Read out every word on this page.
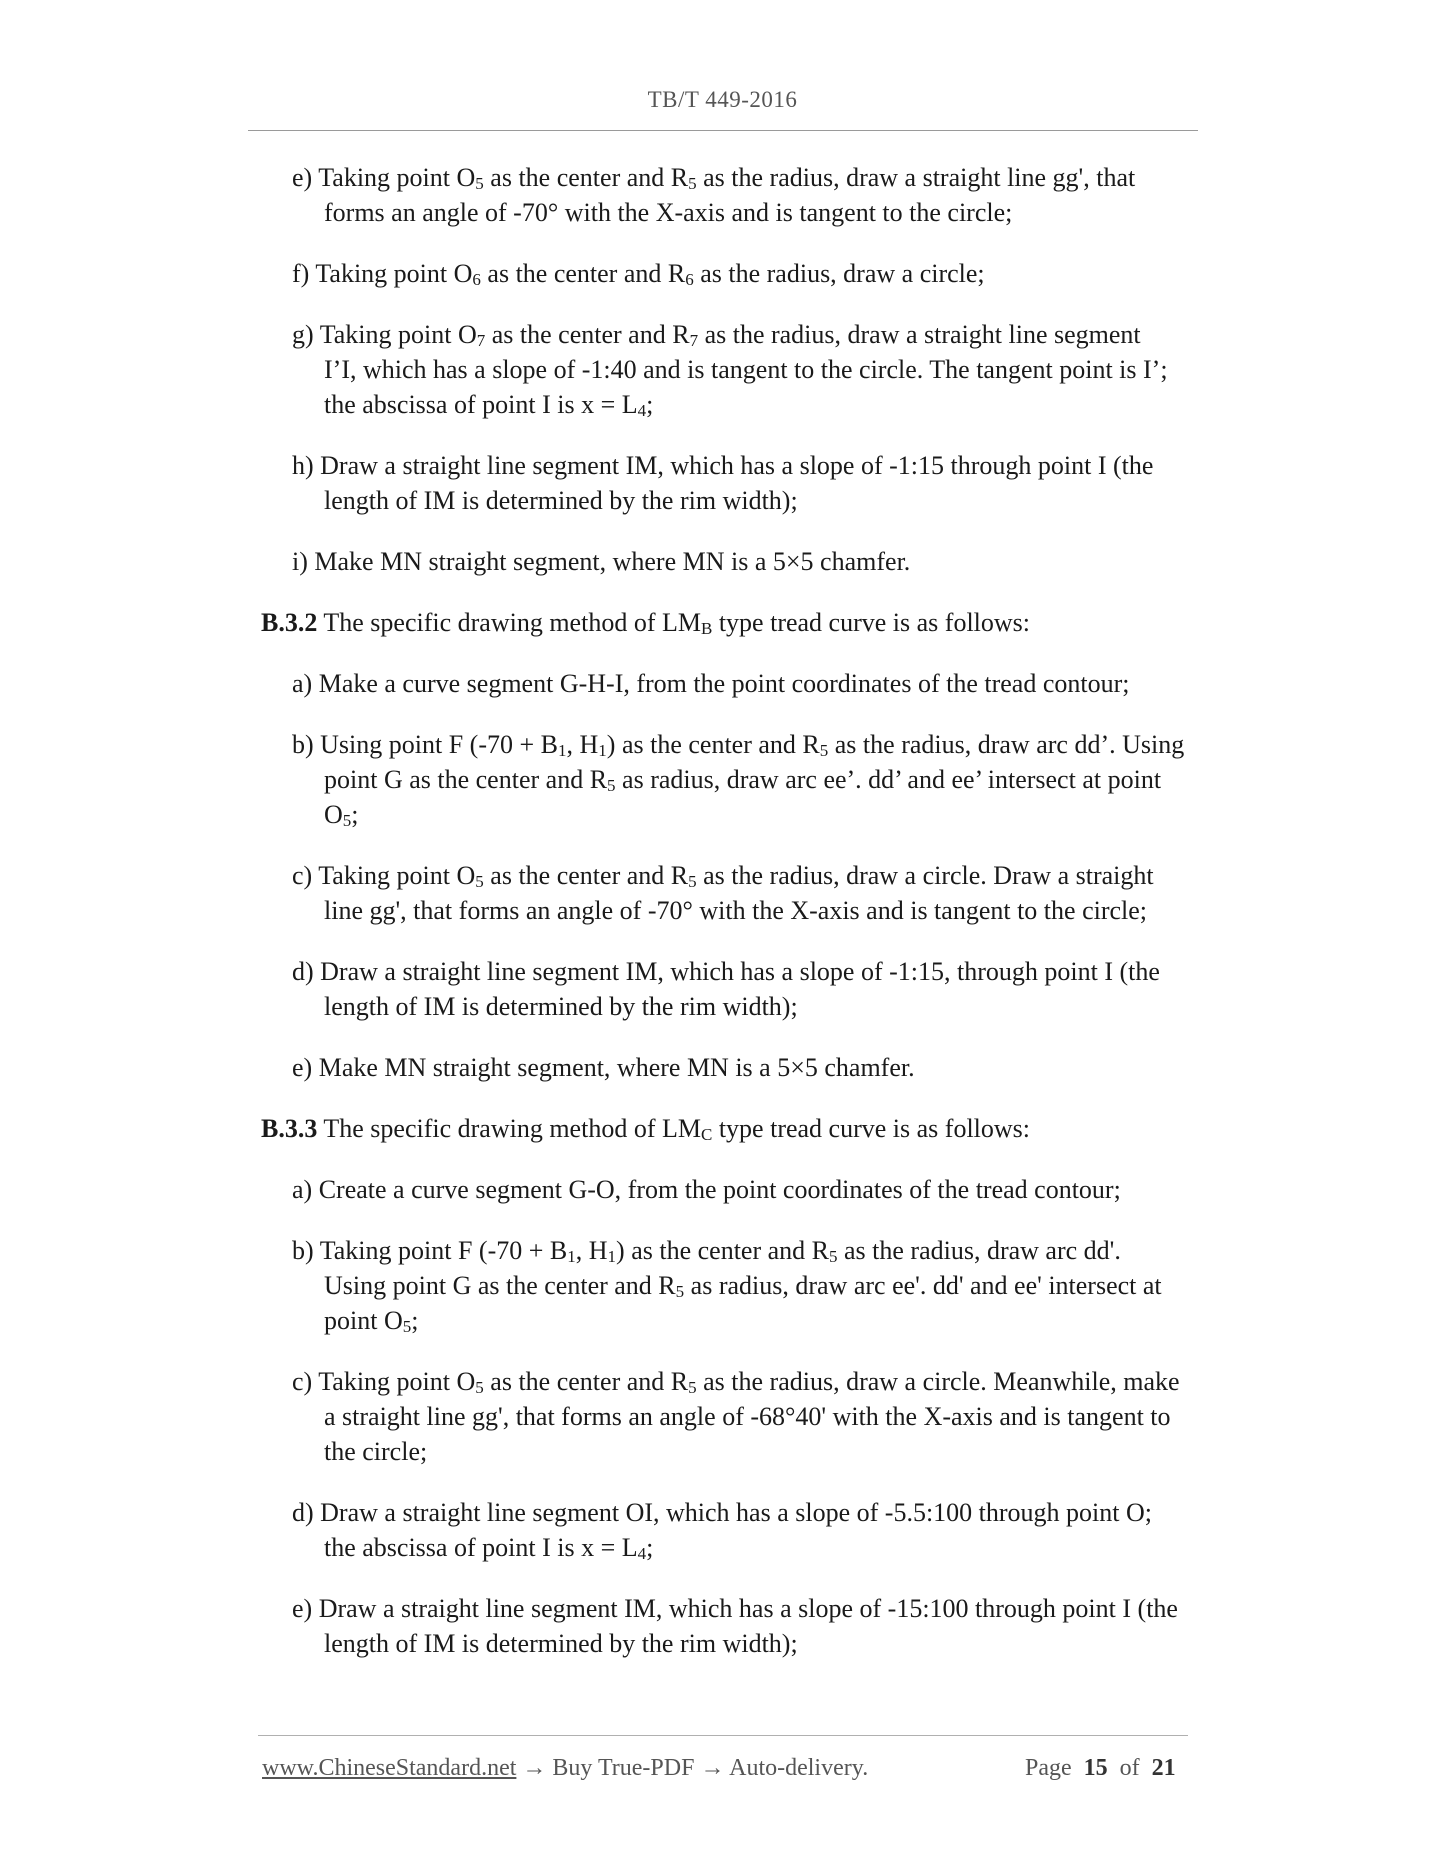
TB/T 449-2016
e) Taking point $O_5$ as the center and $R_5$ as the radius, draw a straight line gg', that
forms an angle of -70° with the X-axis and is tangent to the circle;
f) Taking point $O_6$ as the center and $R_6$ as the radius, draw a circle;
g) Taking point $O_7$ as the center and $R_7$ as the radius, draw a straight line segment
I’I, which has a slope of -1:40 and is tangent to the circle. The tangent point is I’;
the abscissa of point I is $x = L_4$;
h) Draw a straight line segment IM, which has a slope of -1:15 through point I (the
length of IM is determined by the rim width);
i) Make MN straight segment, where MN is a 5×5 chamfer.
B.3.2 The specific drawing method of $LM_B$ type tread curve is as follows:
a) Make a curve segment G-H-I, from the point coordinates of the tread contour;
b) Using point F ($-70 + B_1$, $H_1$) as the center and $R_5$ as the radius, draw arc dd’. Using
point G as the center and $R_5$ as radius, draw arc ee’. dd’ and ee’ intersect at point
$O_5$;
c) Taking point $O_5$ as the center and $R_5$ as the radius, draw a circle. Draw a straight
line gg', that forms an angle of -70° with the X-axis and is tangent to the circle;
d) Draw a straight line segment IM, which has a slope of -1:15, through point I (the
length of IM is determined by the rim width);
e) Make MN straight segment, where MN is a 5×5 chamfer.
B.3.3 The specific drawing method of $LM_C$ type tread curve is as follows:
a) Create a curve segment G-O, from the point coordinates of the tread contour;
b) Taking point F ($-70 + B_1$, $H_1$) as the center and $R_5$ as the radius, draw arc dd'.
Using point G as the center and $R_5$ as radius, draw arc ee'. dd' and ee' intersect at
point $O_5$;
c) Taking point $O_5$ as the center and $R_5$ as the radius, draw a circle. Meanwhile, make
a straight line gg', that forms an angle of -68°40' with the X-axis and is tangent to
the circle;
d) Draw a straight line segment OI, which has a slope of -5.5:100 through point O;
the abscissa of point I is $x = L_4$;
e) Draw a straight line segment IM, which has a slope of -15:100 through point I (the
length of IM is determined by the rim width);
www.ChineseStandard.net → Buy True-PDF → Auto-delivery.	Page 15 of 21
